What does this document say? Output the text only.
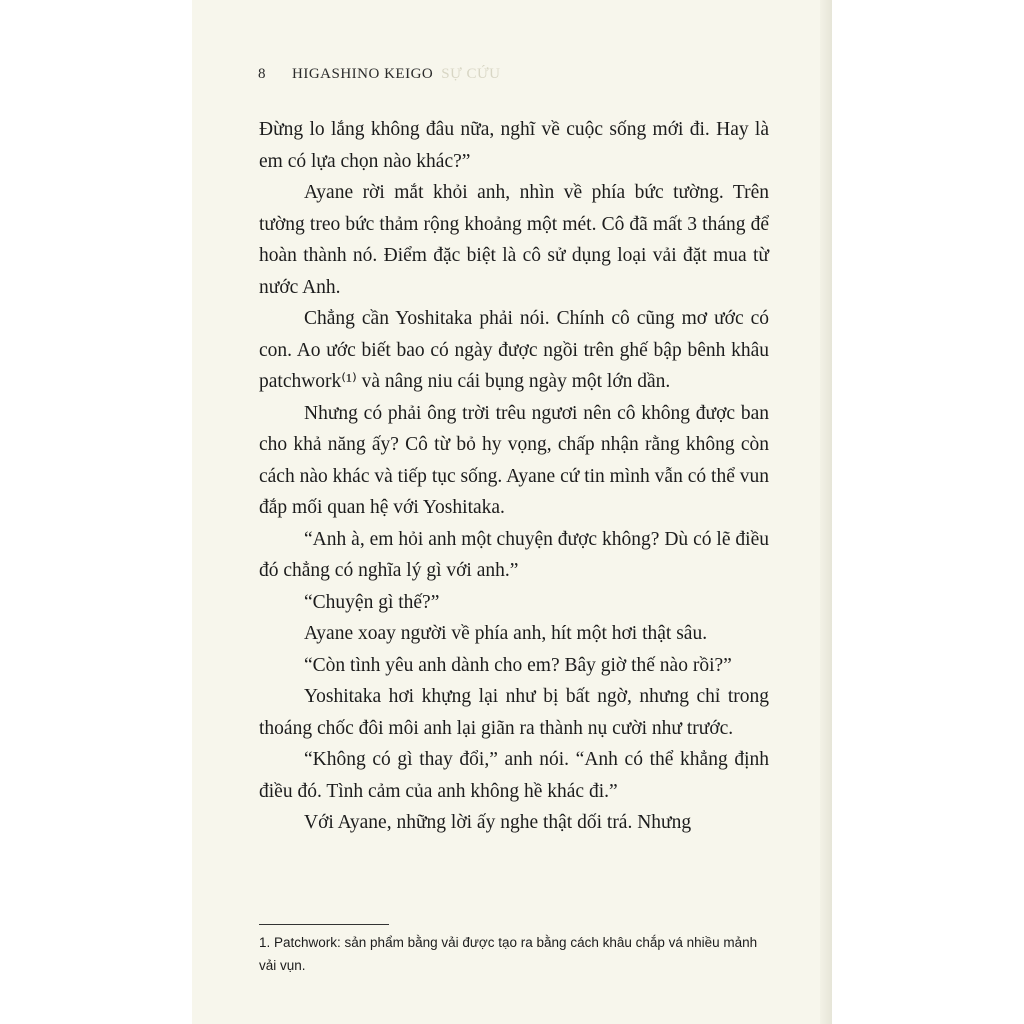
8 HIGASHINO KEIGO SỰ CỨU

Đừng lo lắng không đâu nữa, nghĩ về cuộc sống mới đi. Hay là em có lựa chọn nào khác?”

Ayane rời mắt khỏi anh, nhìn về phía bức tường. Trên tường treo bức thảm rộng khoảng một mét. Cô đã mất 3 tháng để hoàn thành nó. Điểm đặc biệt là cô sử dụng loại vải đặt mua từ nước Anh.

Chẳng cần Yoshitaka phải nói. Chính cô cũng mơ ước có con. Ao ước biết bao có ngày được ngồi trên ghế bập bênh khâu patchwork⁽¹⁾ và nâng niu cái bụng ngày một lớn dần.

Nhưng có phải ông trời trêu ngươi nên cô không được ban cho khả năng ấy? Cô từ bỏ hy vọng, chấp nhận rằng không còn cách nào khác và tiếp tục sống. Ayane cứ tin mình vẫn có thể vun đắp mối quan hệ với Yoshitaka.

“Anh à, em hỏi anh một chuyện được không? Dù có lẽ điều đó chẳng có nghĩa lý gì với anh.”

“Chuyện gì thế?”

Ayane xoay người về phía anh, hít một hơi thật sâu.

“Còn tình yêu anh dành cho em? Bây giờ thế nào rồi?”

Yoshitaka hơi khựng lại như bị bất ngờ, nhưng chỉ trong thoáng chốc đôi môi anh lại giãn ra thành nụ cười như trước.

“Không có gì thay đổi,” anh nói. “Anh có thể khẳng định điều đó. Tình cảm của anh không hề khác đi.”

Với Ayane, những lời ấy nghe thật dối trá. Nhưng

1. Patchwork: sản phẩm bằng vải được tạo ra bằng cách khâu chắp vá nhiều mảnh vải vụn.
